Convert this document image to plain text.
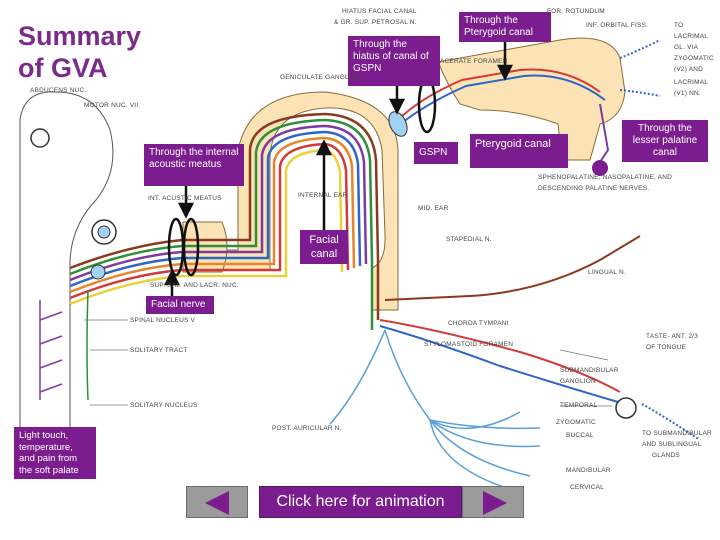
Summary of GVA
Through the Pterygoid canal
Through the hiatus of canal of GSPN
GSPN
Pterygoid canal
Through the lesser palatine canal
Through the internal acoustic meatus
Facial canal
Facial nerve
Light touch, temperature, and pain from the soft palate
HIATUS FACIAL CANAL
& GR. SUP. PETROSAL N.
FOR. ROTUNDUM
INF. ORBITAL FISS.	TO
LACRIMAL
GL. VIA
ZYGOMATIC
(V2) AND
LACRIMAL
(V1) NN.
ACERATE FORAMEN
GENICULATE GANGLION
ABDUCENS NUC.
MOTOR NUC. VII
SPHENOPALATINE, NASOPALATINE, AND
DESCENDING PALATINE NERVES.
INTERNAL EAR
INT. ACUSTIC MEATUS
MID. EAR
STAPEDIAL N.
LINGUAL N.
SUP. SAL. AND LACR. NUC.
SPINAL NUCLEUS V	CHORDA TYMPANI
STYLOMASTOID FORAMEN
TASTE- ANT. 2/3
OF TONGUE
SOLITARY TRACT
SUBMANDIBULAR
GANGLION
SOLITARY NUCLEUS	TEMPORAL
ZYGOMATIC
POST. AURICULAR N.
BUCCAL	TO SUBMANDIBULAR
AND SUBLINGUAL
GLANDS
MANDIBULAR
CERVICAL
Click here for animation
